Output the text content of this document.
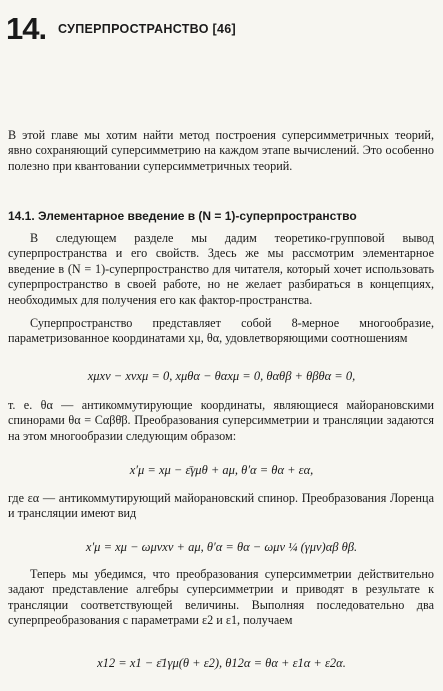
14. СУПЕРПРОСТРАНСТВО [46]

В этой главе мы хотим найти метод построения суперсимметричных теорий, явно сохраняющий суперсимметрию на каждом этапе вычислений. Это особенно полезно при квантовании суперсимметричных теорий.

14.1. Элементарное введение в (N = 1)-суперпространство

В следующем разделе мы дадим теоретико-групповой вывод суперпространства и его свойств. Здесь же мы рассмотрим элементарное введение в (N = 1)-суперпространство для читателя, который хочет использовать суперпространство в своей работе, но не желает разбираться в концепциях, необходимых для получения его как фактор-пространства.

Суперпространство представляет собой 8-мерное многообразие, параметризованное координатами xμ, θα, удовлетворяющими соотношениям

xμxν − xνxμ = 0, xμθα − θαxμ = 0, θαθβ + θβθα = 0,

т. е. θα — антикоммутирующие координаты, являющиеся майорановскими спинорами θα = Cαβθ̄β. Преобразования суперсимметрии и трансляции задаются на этом многообразии следующим образом:

x′μ = xμ − ε̄γμθ + aμ, θ′α = θα + εα,

где εα — антикоммутирующий майорановский спинор. Преобразования Лоренца и трансляции имеют вид

x′μ = xμ − ωμνxν + aμ, θ′α = θα − ωμν ¼ (γμν)αβ θβ.

Теперь мы убедимся, что преобразования суперсимметрии действительно задают представление алгебры суперсимметрии и приводят в результате к трансляции соответствующей величины. Выполняя последовательно два суперпреобразования с параметрами ε2 и ε1, получаем

x12 = x1 − ε̄1γμ(θ + ε2), θ12α = θα + ε1α + ε2α.
